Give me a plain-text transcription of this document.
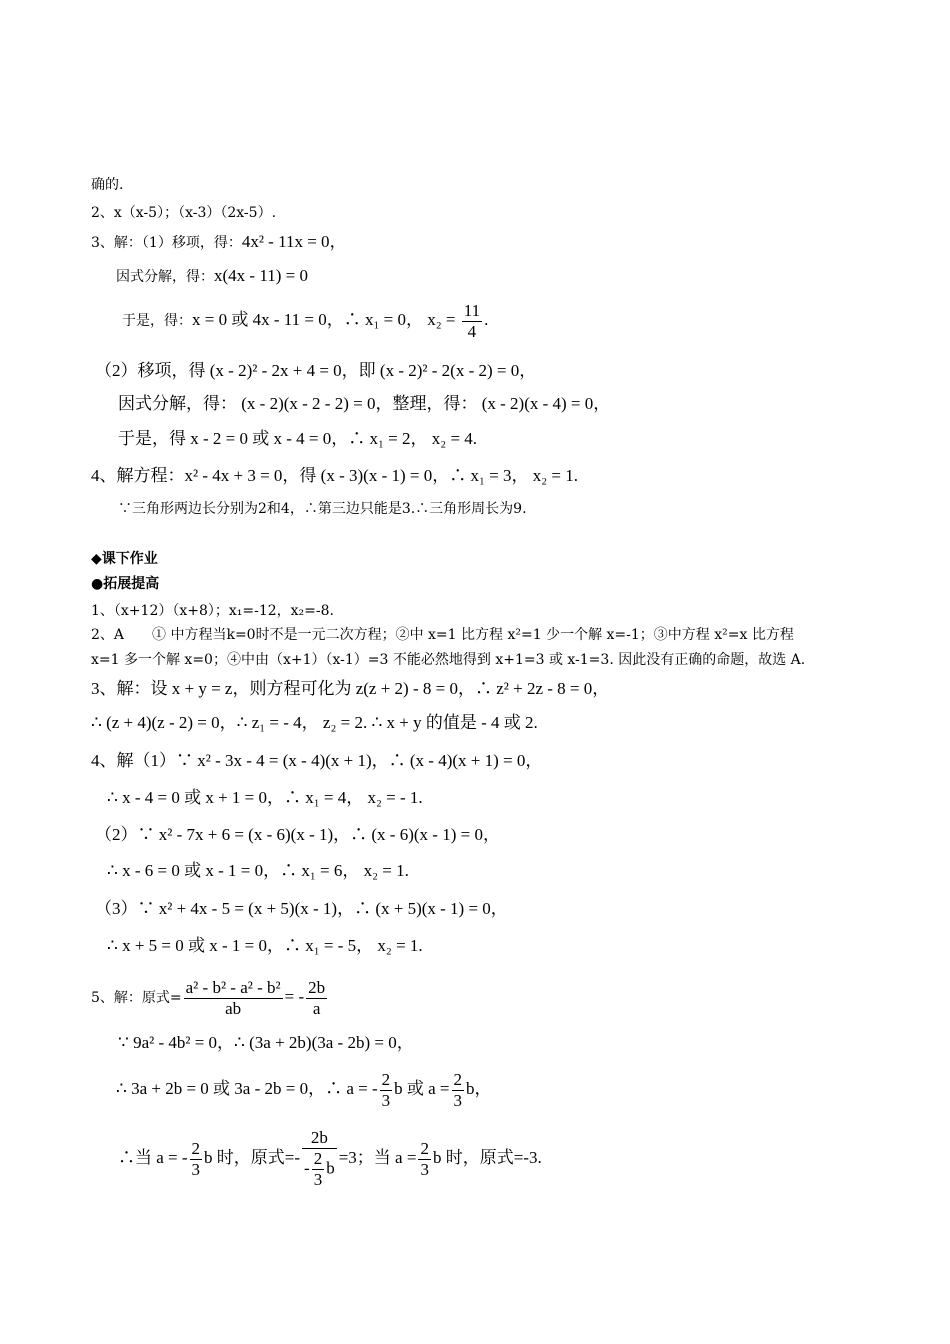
确的.
2、x（x-5）；（x-3）（2x-5）.
3、解：（1）移项，得：4x² - 11x = 0，
因式分解，得：x(4x - 11) = 0
于是，得：x = 0 或 4x - 11 = 0，∴ x₁ = 0， $x_2 = \frac{11}{4}$ .
（2）移项，得 (x - 2)² - 2x + 4 = 0，即 (x - 2)² - 2(x - 2) = 0，
因式分解，得： (x - 2)(x - 2 - 2) = 0，整理，得： (x - 2)(x - 4) = 0，
于是，得 x - 2 = 0 或 x - 4 = 0，∴ x₁ = 2， x₂ = 4.
4、解方程：x² - 4x + 3 = 0，得 (x - 3)(x - 1) = 0，∴ x₁ = 3， x₂ = 1.
∵三角形两边长分别为2和4，∴第三边只能是3.∴三角形周长为9.
◆课下作业
●拓展提高
1、（x+12）（x+8）；x₁=-12，x₂=-8.
2、A　　① 中方程当k=0时不是一元二次方程；②中 x=1 比方程 x²=1 少一个解 x=-1；③中方程 x²=x 比方程
x=1 多一个解 x=0；④中由（x+1）（x-1）=3 不能必然地得到 x+1=3 或 x-1=3. 因此没有正确的命题，故选 A.
3、解：设 x + y = z，则方程可化为 z(z + 2) - 8 = 0，∴ z² + 2z - 8 = 0，
∴ (z + 4)(z - 2) = 0，∴ z₁ = - 4， z₂ = 2. ∴ x + y 的值是 - 4 或 2.
4、解（1）∵ x² - 3x - 4 = (x - 4)(x + 1)，∴ (x - 4)(x + 1) = 0，
∴ x - 4 = 0 或 x + 1 = 0，∴ x₁ = 4， x₂ = - 1.
（2）∵ x² - 7x + 6 = (x - 6)(x - 1)，∴ (x - 6)(x - 1) = 0，
∴ x - 6 = 0 或 x - 1 = 0，∴ x₁ = 6， x₂ = 1.
（3）∵ x² + 4x - 5 = (x + 5)(x - 1)，∴ (x + 5)(x - 1) = 0，
∴ x + 5 = 0 或 x - 1 = 0，∴ x₁ = - 5， x₂ = 1.
5、解：原式= $\frac{\text{a² - b² - a² - b²}}{ab}$ = - $\frac{2b}{a}$
∵ 9a² - 4b² = 0，∴ (3a + 2b)(3a - 2b) = 0，
∴ 3a + 2b = 0 或 3a - 2b = 0，∴ a = - $\frac{2}{3}$ b 或 $a = \frac{2}{3}$ b，
∴当 a = - $\frac{2}{3}$ b 时，原式=- $\frac{2b}{- \frac{2}{3} b} =3$；当 $a = \frac{2}{3}$ b 时，原式=-3.
